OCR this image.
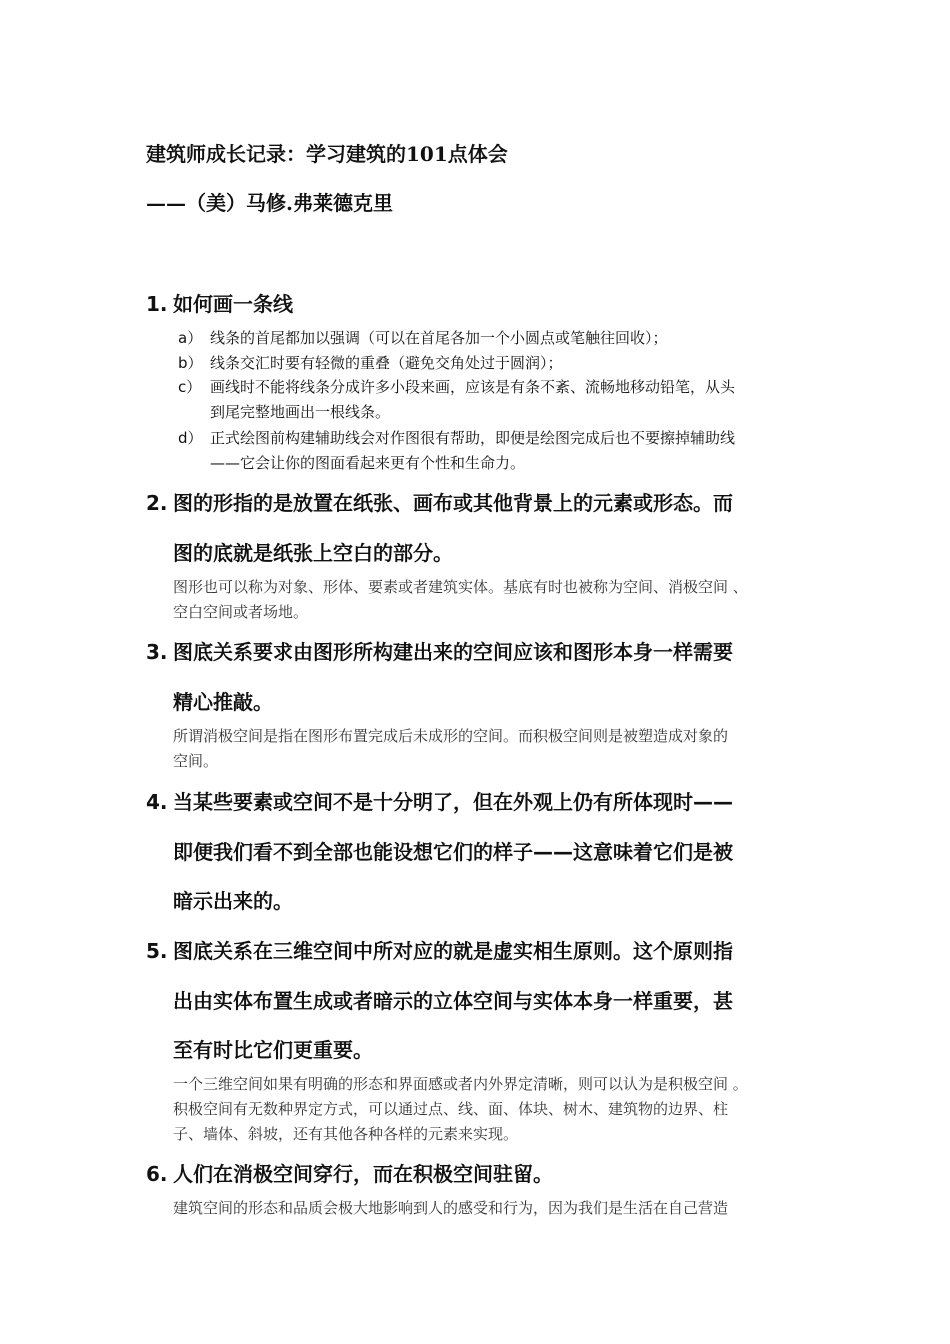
建筑师成长记录：学习建筑的101点体会
——（美）马修.弗莱德克里
1. 如何画一条线
a） 线条的首尾都加以强调（可以在首尾各加一个小圆点或笔触往回收）；
b） 线条交汇时要有轻微的重叠（避免交角处过于圆润）；
c） 画线时不能将线条分成许多小段来画，应该是有条不紊、流畅地移动铅笔，从头
到尾完整地画出一根线条。
d） 正式绘图前构建辅助线会对作图很有帮助，即便是绘图完成后也不要擦掉辅助线
——它会让你的图面看起来更有个性和生命力。
2. 图的形指的是放置在纸张、画布或其他背景上的元素或形态。而
图的底就是纸张上空白的部分。
图形也可以称为对象、形体、要素或者建筑实体。基底有时也被称为空间、消极空间 、
空白空间或者场地。
3. 图底关系要求由图形所构建出来的空间应该和图形本身一样需要
精心推敲。
所谓消极空间是指在图形布置完成后未成形的空间。而积极空间则是被塑造成对象的
空间。
4. 当某些要素或空间不是十分明了，但在外观上仍有所体现时——
即便我们看不到全部也能设想它们的样子——这意味着它们是被
暗示出来的。
5. 图底关系在三维空间中所对应的就是虚实相生原则。这个原则指
出由实体布置生成或者暗示的立体空间与实体本身一样重要，甚
至有时比它们更重要。
一个三维空间如果有明确的形态和界面感或者内外界定清晰，则可以认为是积极空间 。
积极空间有无数种界定方式，可以通过点、线、面、体块、树木、建筑物的边界、柱
子、墙体、斜坡，还有其他各种各样的元素来实现。
6. 人们在消极空间穿行，而在积极空间驻留。
建筑空间的形态和品质会极大地影响到人的感受和行为，因为我们是生活在自己营造
